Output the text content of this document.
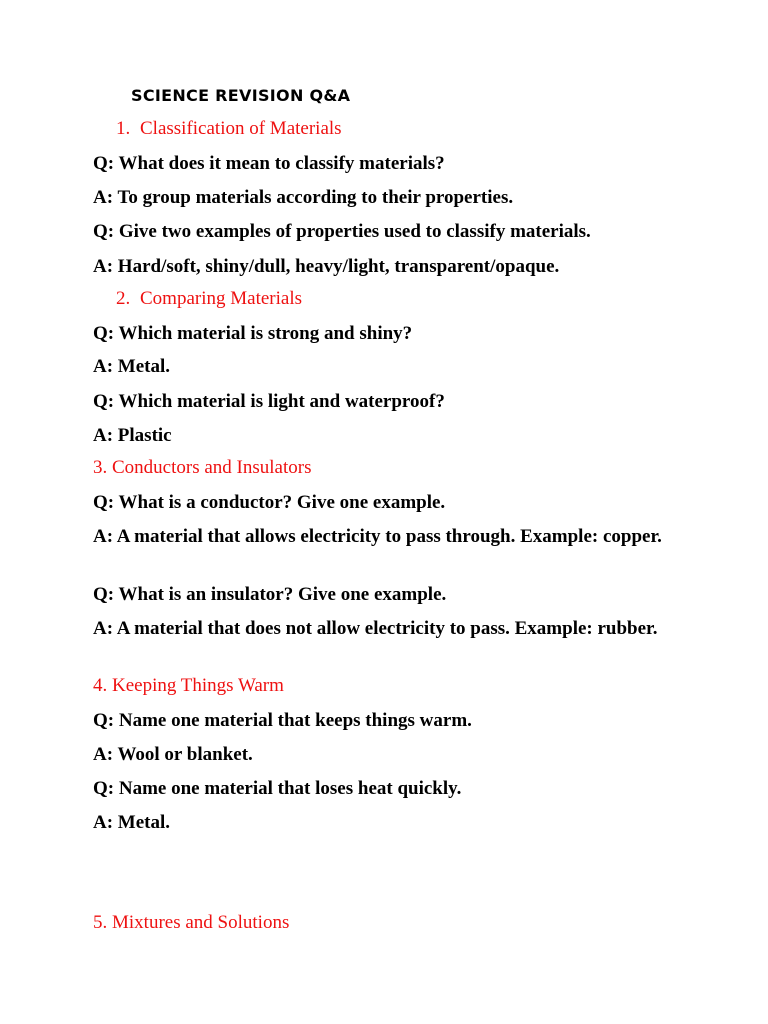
SCIENCE REVISION Q&A
1. Classification of Materials

Q: What does it mean to classify materials?

A: To group materials according to their properties.

Q: Give two examples of properties used to classify materials.

A: Hard/soft, shiny/dull, heavy/light, transparent/opaque.

2. Comparing Materials

Q: Which material is strong and shiny?

A: Metal.

Q: Which material is light and waterproof?

A: Plastic

3. Conductors and Insulators

Q: What is a conductor? Give one example.

A: A material that allows electricity to pass through. Example: copper.

Q: What is an insulator? Give one example.

A: A material that does not allow electricity to pass. Example: rubber.

4. Keeping Things Warm

Q: Name one material that keeps things warm.

A: Wool or blanket.

Q: Name one material that loses heat quickly.

A: Metal.

5. Mixtures and Solutions
